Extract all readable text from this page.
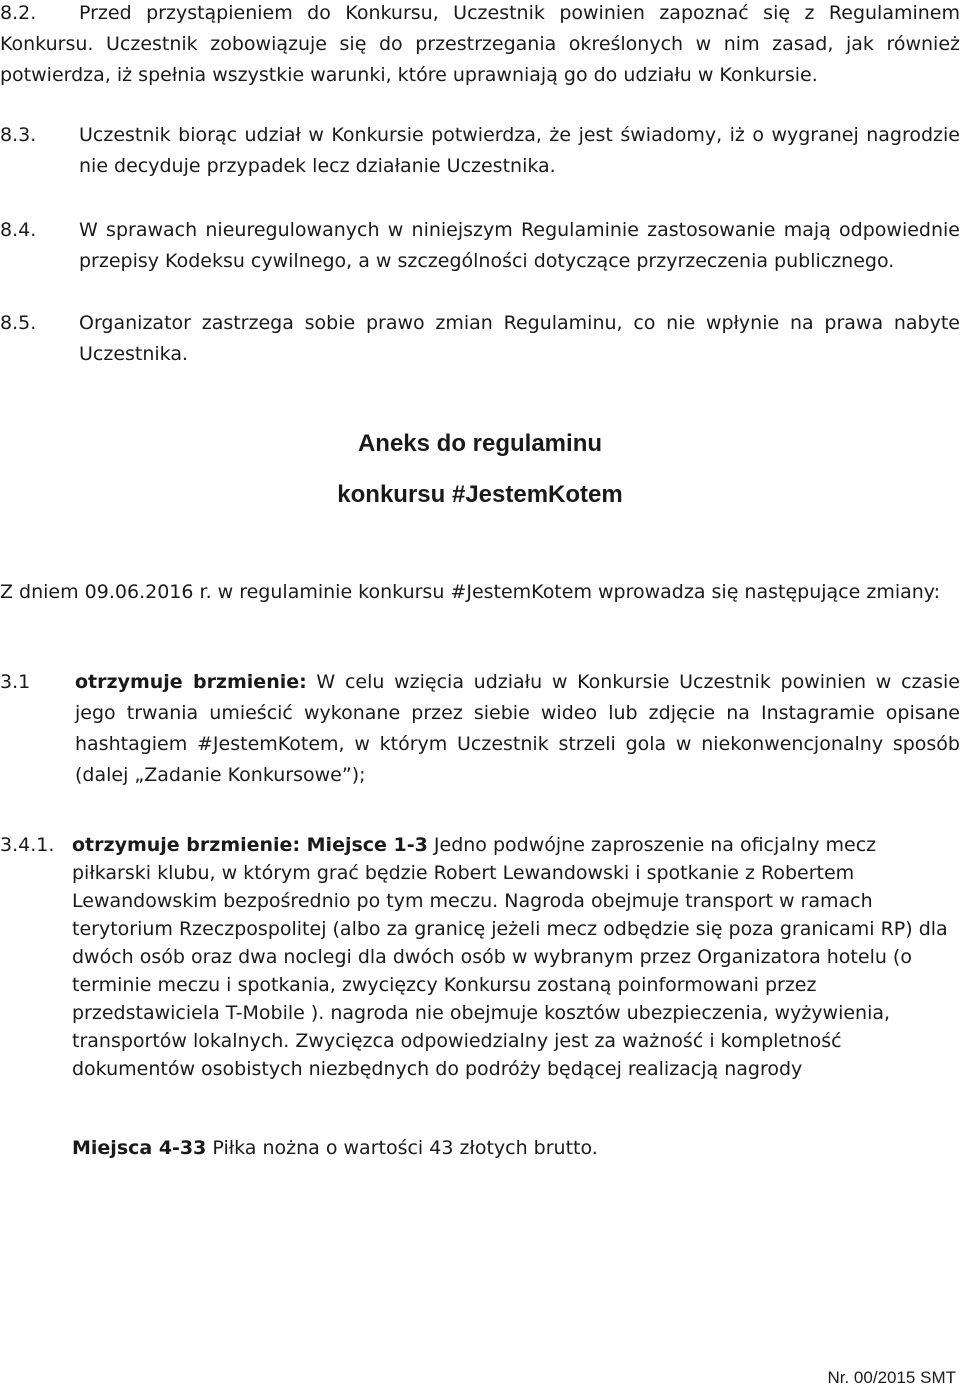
8.2.	Przed przystąpieniem do Konkursu, Uczestnik powinien zapoznać się z Regulaminem Konkursu. Uczestnik zobowiązuje się do przestrzegania określonych w nim zasad, jak również potwierdza, iż spełnia wszystkie warunki, które uprawniają go do udziału w Konkursie.
8.3. Uczestnik biorąc udział w Konkursie potwierdza, że jest świadomy, iż o wygranej nagrodzie nie decyduje przypadek lecz działanie Uczestnika.
8.4. W sprawach nieuregulowanych w niniejszym Regulaminie zastosowanie mają odpowiednie przepisy Kodeksu cywilnego, a w szczególności dotyczące przyrzeczenia publicznego.
8.5. Organizator zastrzega sobie prawo zmian Regulaminu, co nie wpłynie na prawa nabyte Uczestnika.
Aneks do regulaminu
konkursu #JestemKotem
Z dniem 09.06.2016 r. w regulaminie konkursu #JestemKotem wprowadza się następujące zmiany:
3.1 otrzymuje brzmienie: W celu wzięcia udziału w Konkursie Uczestnik powinien w czasie jego trwania umieścić wykonane przez siebie wideo lub zdjęcie na Instagramie opisane hashtagiem #JestemKotem, w którym Uczestnik strzeli gola w niekonwencjonalny sposób (dalej „Zadanie Konkursowe”);
3.4.1. otrzymuje brzmienie: Miejsce 1-3 Jedno podwójne zaproszenie na oficjalny mecz piłkarski klubu, w którym grać będzie Robert Lewandowski i spotkanie z Robertem Lewandowskim bezpośrednio po tym meczu. Nagroda obejmuje transport w ramach terytorium Rzeczpospolitej (albo za granicę jeżeli mecz odbędzie się poza granicami RP) dla dwóch osób oraz dwa noclegi dla dwóch osób w wybranym przez Organizatora hotelu (o terminie meczu i spotkania, zwycięzcy Konkursu zostaną poinformowani przez przedstawiciela T-Mobile ). nagroda nie obejmuje kosztów ubezpieczenia, wyżywienia, transportów lokalnych. Zwycięzca odpowiedzialny jest za ważność i kompletność dokumentów osobistych niezbędnych do podróży będącej realizacją nagrody
Miejsca 4-33 Piłka nożna o wartości 43 złotych brutto.
Nr. 00/2015 SMT
